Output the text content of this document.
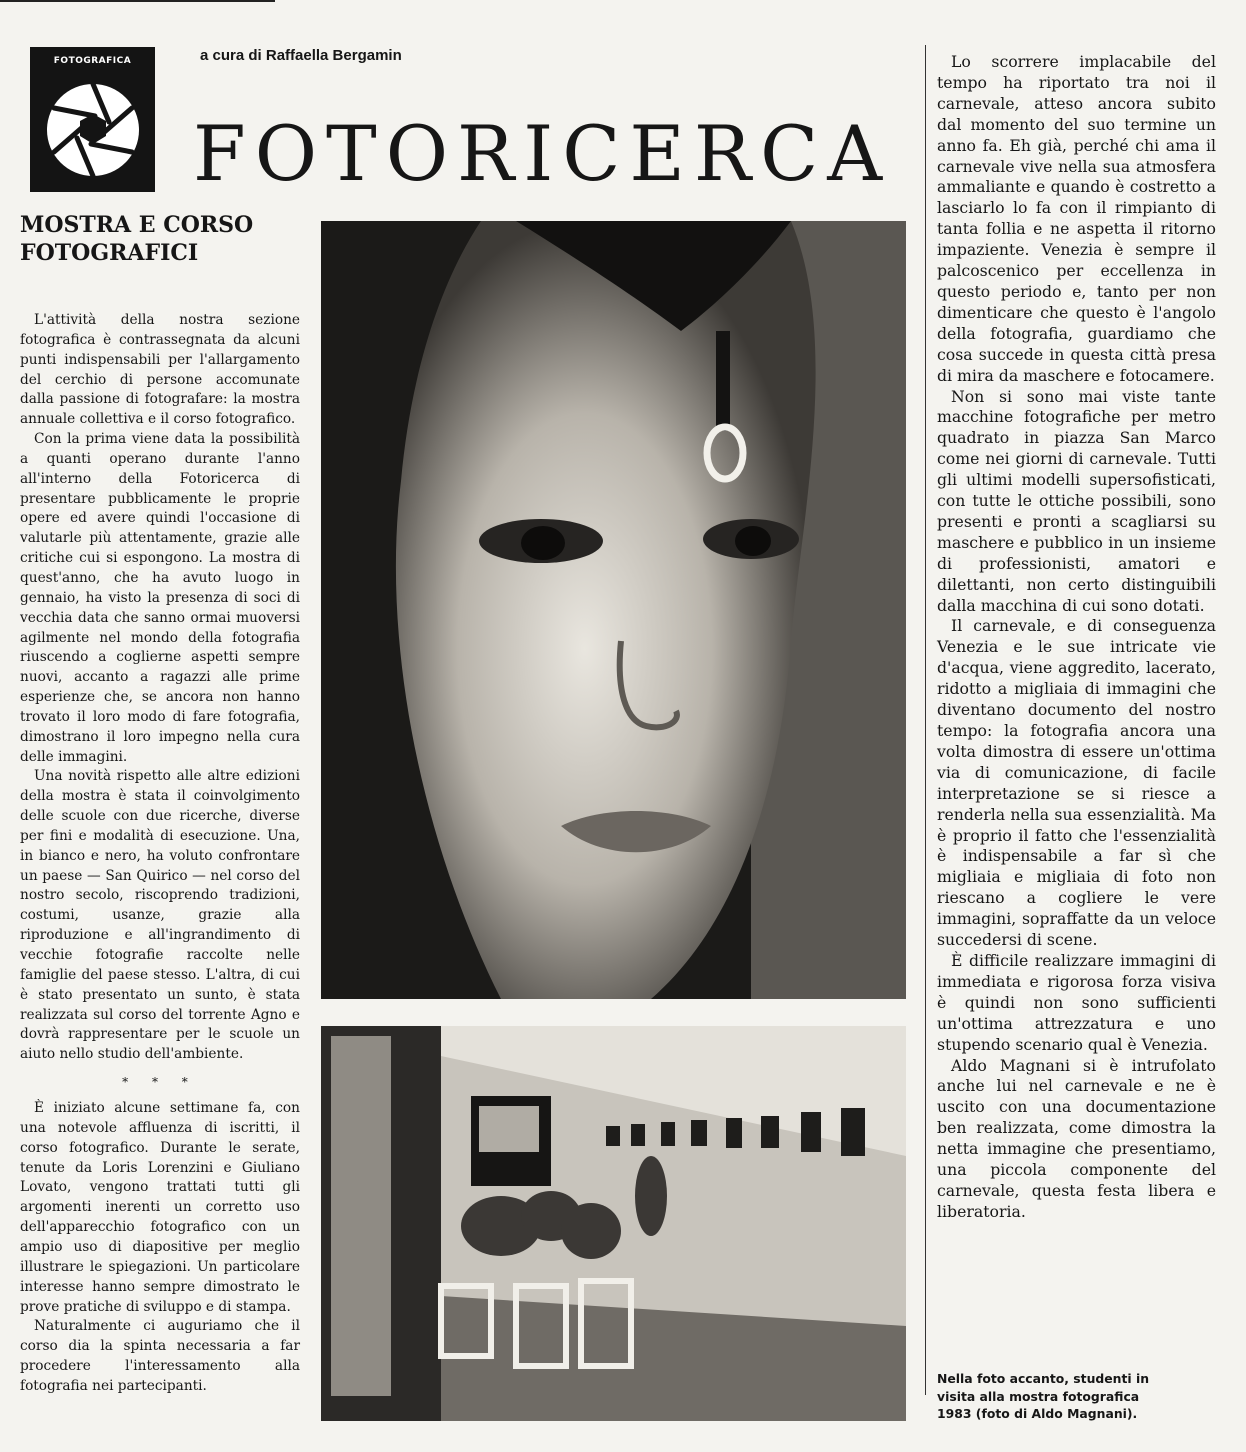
FOTOGRAFICA	a cura di Raffaella Bergamin
FOTORICERCA
MOSTRA E CORSO
FOTOGRAFICI

L'attività della nostra sezione fotografica è contrassegnata da alcuni punti indispensabili per l'allargamento del cerchio di persone accomunate dalla passione di fotografare: la mostra annuale collettiva e il corso fotografico.

Con la prima viene data la possibilità a quanti operano durante l'anno all'interno della Fotoricerca di presentare pubblicamente le proprie opere ed avere quindi l'occasione di valutarle più attentamente, grazie alle critiche cui si espongono. La mostra di quest'anno, che ha avuto luogo in gennaio, ha visto la presenza di soci di vecchia data che sanno ormai muoversi agilmente nel mondo della fotografia riuscendo a coglierne aspetti sempre nuovi, accanto a ragazzi alle prime esperienze che, se ancora non hanno trovato il loro modo di fare fotografia, dimostrano il loro impegno nella cura delle immagini.

Una novità rispetto alle altre edizioni della mostra è stata il coinvolgimento delle scuole con due ricerche, diverse per fini e modalità di esecuzione. Una, in bianco e nero, ha voluto confrontare un paese — San Quirico — nel corso del nostro secolo, riscoprendo tradizioni, costumi, usanze, grazie alla riproduzione e all'ingrandimento di vecchie fotografie raccolte nelle famiglie del paese stesso. L'altra, di cui è stato presentato un sunto, è stata realizzata sul corso del torrente Agno e dovrà rappresentare per le scuole un aiuto nello studio dell'ambiente.

* * *

È iniziato alcune settimane fa, con una notevole affluenza di iscritti, il corso fotografico. Durante le serate, tenute da Loris Lorenzini e Giuliano Lovato, vengono trattati tutti gli argomenti inerenti un corretto uso dell'apparecchio fotografico con un ampio uso di diapositive per meglio illustrare le spiegazioni. Un particolare interesse hanno sempre dimostrato le prove pratiche di sviluppo e di stampa.

Naturalmente ci auguriamo che il corso dia la spinta necessaria a far procedere l'interessamento alla fotografia nei partecipanti.

Lo scorrere implacabile del tempo ha riportato tra noi il carnevale, atteso ancora subito dal momento del suo termine un anno fa. Eh già, perché chi ama il carnevale vive nella sua atmosfera ammaliante e quando è costretto a lasciarlo lo fa con il rimpianto di tanta follia e ne aspetta il ritorno impaziente. Venezia è sempre il palcoscenico per eccellenza in questo periodo e, tanto per non dimenticare che questo è l'angolo della fotografia, guardiamo che cosa succede in questa città presa di mira da maschere e fotocamere.

Non si sono mai viste tante macchine fotografiche per metro quadrato in piazza San Marco come nei giorni di carnevale. Tutti gli ultimi modelli supersofisticati, con tutte le ottiche possibili, sono presenti e pronti a scagliarsi su maschere e pubblico in un insieme di professionisti, amatori e dilettanti, non certo distinguibili dalla macchina di cui sono dotati.

Il carnevale, e di conseguenza Venezia e le sue intricate vie d'acqua, viene aggredito, lacerato, ridotto a migliaia di immagini che diventano documento del nostro tempo: la fotografia ancora una volta dimostra di essere un'ottima via di comunicazione, di facile interpretazione se si riesce a renderla nella sua essenzialità. Ma è proprio il fatto che l'essenzialità è indispensabile a far sì che migliaia e migliaia di foto non riescano a cogliere le vere immagini, sopraffatte da un veloce succedersi di scene.

È difficile realizzare immagini di immediata e rigorosa forza visiva è quindi non sono sufficienti un'ottima attrezzatura e uno stupendo scenario qual è Venezia.

Aldo Magnani si è intrufolato anche lui nel carnevale e ne è uscito con una documentazione ben realizzata, come dimostra la netta immagine che presentiamo, una piccola componente del carnevale, questa festa libera e liberatoria.

Nella foto accanto, studenti in visita alla mostra fotografica 1983 (foto di Aldo Magnani).
